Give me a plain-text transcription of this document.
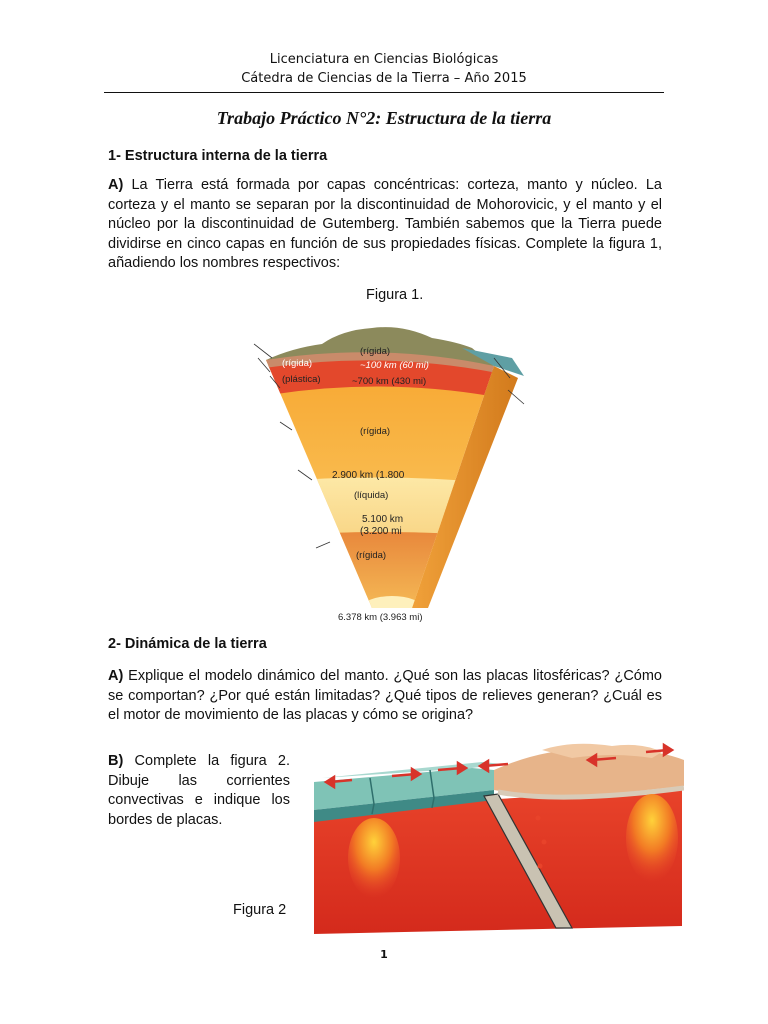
Licenciatura en Ciencias Biológicas
Cátedra de Ciencias de la Tierra – Año 2015
Trabajo Práctico N°2: Estructura de la tierra
1- Estructura interna de la tierra
A) La Tierra está formada por capas concéntricas: corteza, manto y núcleo. La corteza y el manto se separan por la discontinuidad de Mohorovicic, y el manto y el núcleo por la discontinuidad de Gutemberg. También sabemos que la Tierra puede dividirse en cinco capas en función de sus propiedades físicas. Complete la figura 1, añadiendo los nombres respectivos:
Figura 1.
(rígida)
(rígida)	~100 km (60 mi)
(plástica)	~700 km (430 mi)
(rígida)
2.900 km (1.800
(líquida)
5.100 km
(3.200 mi
(rígida)
6.378 km (3.963 mi)
2- Dinámica de la tierra
A) Explique el modelo dinámico del manto. ¿Qué son las placas litosféricas? ¿Cómo se comportan? ¿Por qué están limitadas? ¿Qué tipos de relieves generan? ¿Cuál es el motor de movimiento de las placas y cómo se origina?
B) Complete la figura 2. Dibuje las corrientes convectivas e indique los bordes de placas.
Figura 2
1
